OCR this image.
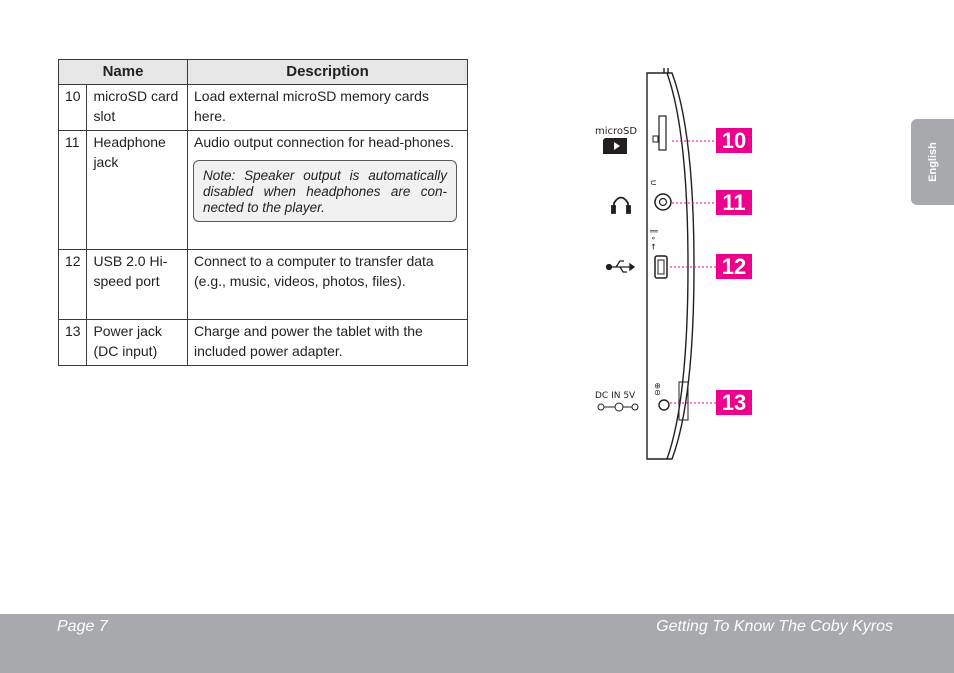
Name		Description
10	microSD card slot	Load external microSD memory cards here.
11	Headphone jack	Audio output connection for head-phones.
Note: Speaker output is automatically disabled when headphones are con-nected to the player.

12	USB 2.0 Hi-speed port	Connect to a computer to transfer data (e.g., music, videos, photos, files).
13	Power jack (DC input)	Charge and power the tablet with the included power adapter.
∩
⇝ ∘ ∥
⊖⊕
microSD
DC IN 5V
10
11
12
13
English
Page 7	Getting To Know The Coby Kyros
